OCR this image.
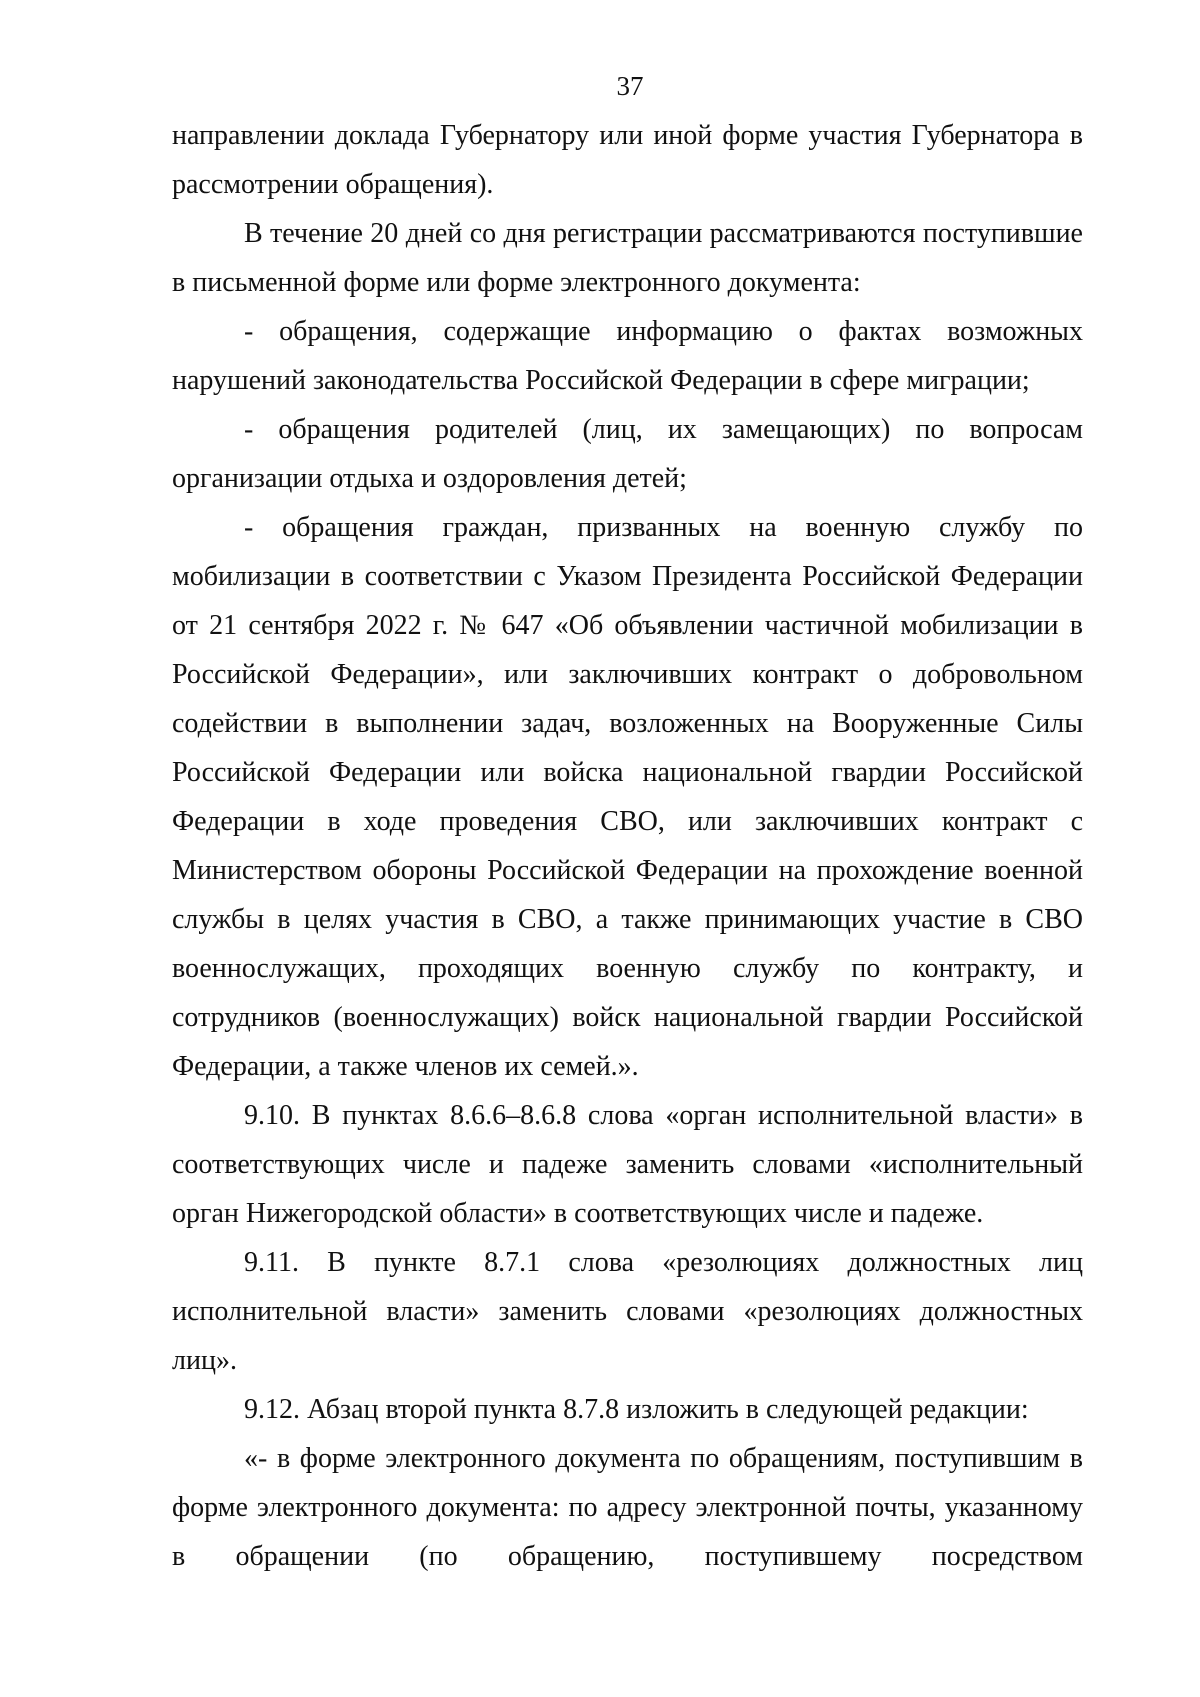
37

направлении доклада Губернатору или иной форме участия Губернатора в рассмотрении обращения).

В течение 20 дней со дня регистрации рассматриваются поступившие в письменной форме или форме электронного документа:

- обращения, содержащие информацию о фактах возможных нарушений законодательства Российской Федерации в сфере миграции;

- обращения родителей (лиц, их замещающих) по вопросам организации отдыха и оздоровления детей;

- обращения граждан, призванных на военную службу по мобилизации в соответствии с Указом Президента Российской Федерации от 21 сентября 2022 г. № 647 «Об объявлении частичной мобилизации в Российской Федерации», или заключивших контракт о добровольном содействии в выполнении задач, возложенных на Вооруженные Силы Российской Федерации или войска национальной гвардии Российской Федерации в ходе проведения СВО, или заключивших контракт с Министерством обороны Российской Федерации на прохождение военной службы в целях участия в СВО, а также принимающих участие в СВО военнослужащих, проходящих военную службу по контракту, и сотрудников (военнослужащих) войск национальной гвардии Российской Федерации, а также членов их семей.».

9.10. В пунктах 8.6.6–8.6.8 слова «орган исполнительной власти» в соответствующих числе и падеже заменить словами «исполнительный орган Нижегородской области» в соответствующих числе и падеже.

9.11. В пункте 8.7.1 слова «резолюциях должностных лиц исполнительной власти» заменить словами «резолюциях должностных лиц».

9.12. Абзац второй пункта 8.7.8 изложить в следующей редакции:

«- в форме электронного документа по обращениям, поступившим в форме электронного документа: по адресу электронной почты, указанному в обращении (по обращению, поступившему посредством
